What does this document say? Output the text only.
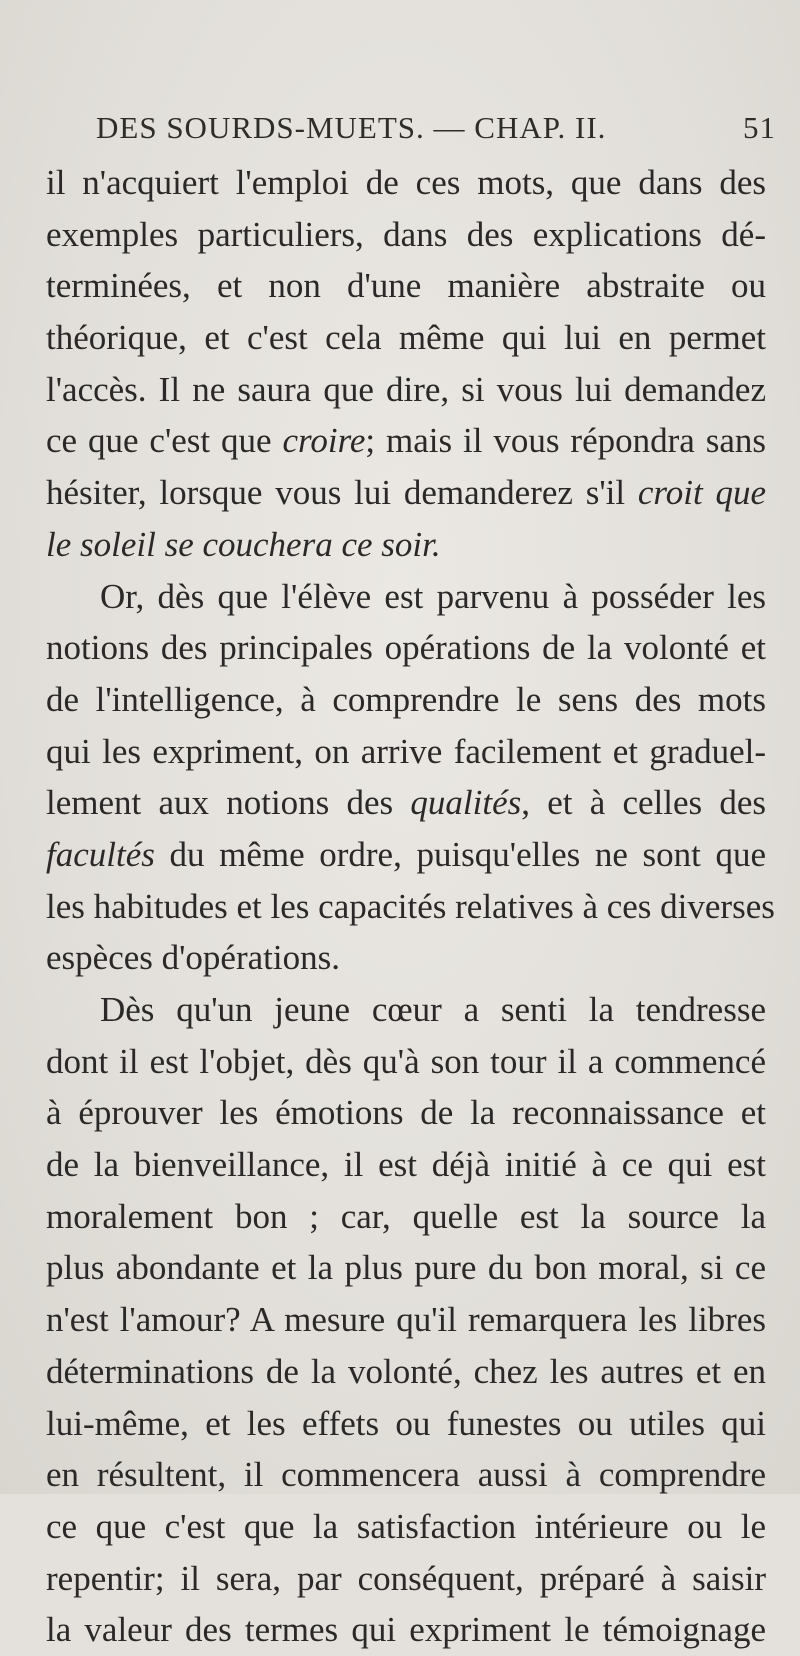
DES SOURDS-MUETS. — CHAP. II.	51
il n'acquiert l'emploi de ces mots, que dans des
exemples particuliers, dans des explications dé-
terminées, et non d'une manière abstraite ou
théorique, et c'est cela même qui lui en permet
l'accès. Il ne saura que dire, si vous lui demandez
ce que c'est que croire; mais il vous répondra sans
hésiter, lorsque vous lui demanderez s'il croit que
le soleil se couchera ce soir.
Or, dès que l'élève est parvenu à posséder les
notions des principales opérations de la volonté et
de l'intelligence, à comprendre le sens des mots
qui les expriment, on arrive facilement et graduel-
lement aux notions des qualités, et à celles des
facultés du même ordre, puisqu'elles ne sont que
les habitudes et les capacités relatives à ces diverses
espèces d'opérations.
Dès qu'un jeune cœur a senti la tendresse
dont il est l'objet, dès qu'à son tour il a commencé
à éprouver les émotions de la reconnaissance et
de la bienveillance, il est déjà initié à ce qui est
moralement bon ; car, quelle est la source la
plus abondante et la plus pure du bon moral, si ce
n'est l'amour? A mesure qu'il remarquera les libres
déterminations de la volonté, chez les autres et en
lui-même, et les effets ou funestes ou utiles qui
en résultent, il commencera aussi à comprendre
ce que c'est que la satisfaction intérieure ou le
repentir; il sera, par conséquent, préparé à saisir
la valeur des termes qui expriment le témoignage
